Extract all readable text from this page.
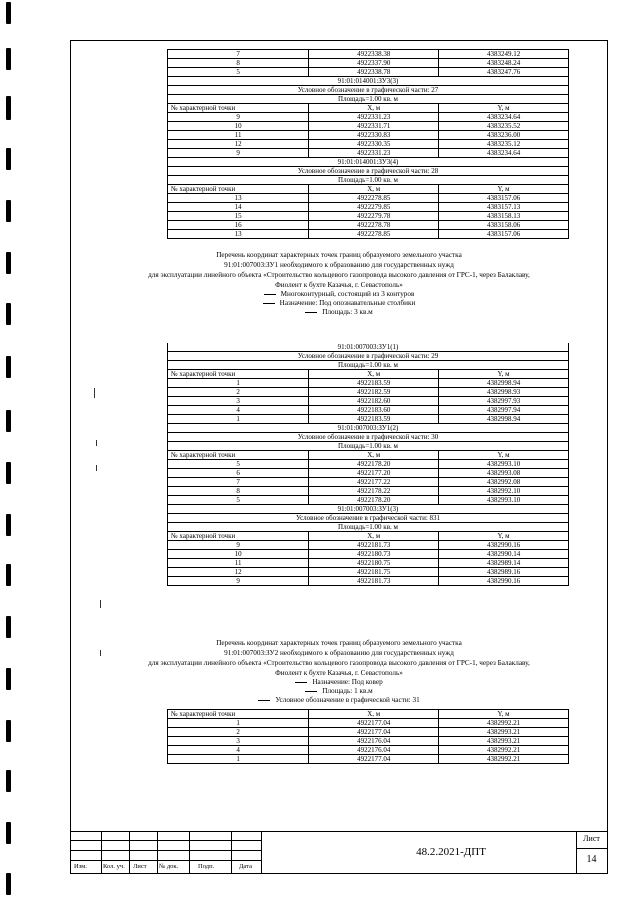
7	4922338.38	4383249.12
8	4922337.90	4383248.24
5	4922338.78	4383247.76
91:01:014001:ЗУ3(3)		
Условное обозначение в графической части: 27		
Площадь=1.00 кв. м		
№ характерной точки	X, м	Y, м
9	4922331.23	4383234.64
10	4922331.71	4383235.52
11	4922330.83	4383236.00
12	4922330.35	4383235.12
9	4922331.23	4383234.64
91:01:014001:ЗУ3(4)		
Условное обозначение в графической части: 28		
Площадь=1.00 кв. м		
№ характерной точки	X, м	Y, м
13	4922278.85	4383157.06
14	4922279.85	4383157.13
15	4922279.78	4383158.13
16	4922278.78	4383158.06
13	4922278.85	4383157.06
Перечень координат характерных точек границ образуемого земельного участка
91:01:007003:ЗУ1 необходимого к образованию для государственных нужд
для эксплуатации линейного объекта «Строительство кольцевого газопровода высокого давления от ГРС-1, через Балаклаву,
Фиолент к бухте Казачья, г. Севастополь»
Многоконтурный, состоящий из 3 контуров
Назначение: Под опознавательные столбики
Площадь: 3 кв.м
91:01:007003:ЗУ1(1)		
Условное обозначение в графической части: 29		
Площадь=1.00 кв. м		
№ характерной точки	X, м	Y, м
1	4922183.59	4382998.94
2	4922182.59	4382998.93
3	4922182.60	4382997.93
4	4922183.60	4382997.94
1	4922183.59	4382998.94
91:01:007003:ЗУ1(2)		
Условное обозначение в графической части: 30		
Площадь=1.00 кв. м		
№ характерной точки	X, м	Y, м
5	4922178.20	4382993.10
6	4922177.20	4382993.08
7	4922177.22	4382992.08
8	4922178.22	4382992.10
5	4922178.20	4382993.10
91:01:007003:ЗУ1(3)		
Условное обозначение в графической части: 831		
Площадь=1.00 кв. м		
№ характерной точки	X, м	Y, м
9	4922181.73	4382990.16
10	4922180.73	4382990.14
11	4922180.75	4382989.14
12	4922181.75	4382989.16
9	4922181.73	4382990.16
Перечень координат характерных точек границ образуемого земельного участка
91:01:007003:ЗУ2 необходимого к образованию для государственных нужд
для эксплуатации линейного объекта «Строительство кольцевого газопровода высокого давления от ГРС-1, через Балаклаву,
Фиолент к бухте Казачья, г. Севастополь»
Назначение: Под ковер
Площадь: 1 кв.м
Условное обозначение в графической части: 31
№ характерной точки	X, м	Y, м
1	4922177.04	4382992.21
2	4922177.04	4382993.21
3	4922176.04	4382993.21
4	4922176.04	4382992.21
1	4922177.04	4382992.21
Изм. Кол. уч. Лист № док.	Подп.	Дата
48.2.2021-ДПТ
Лист
14
